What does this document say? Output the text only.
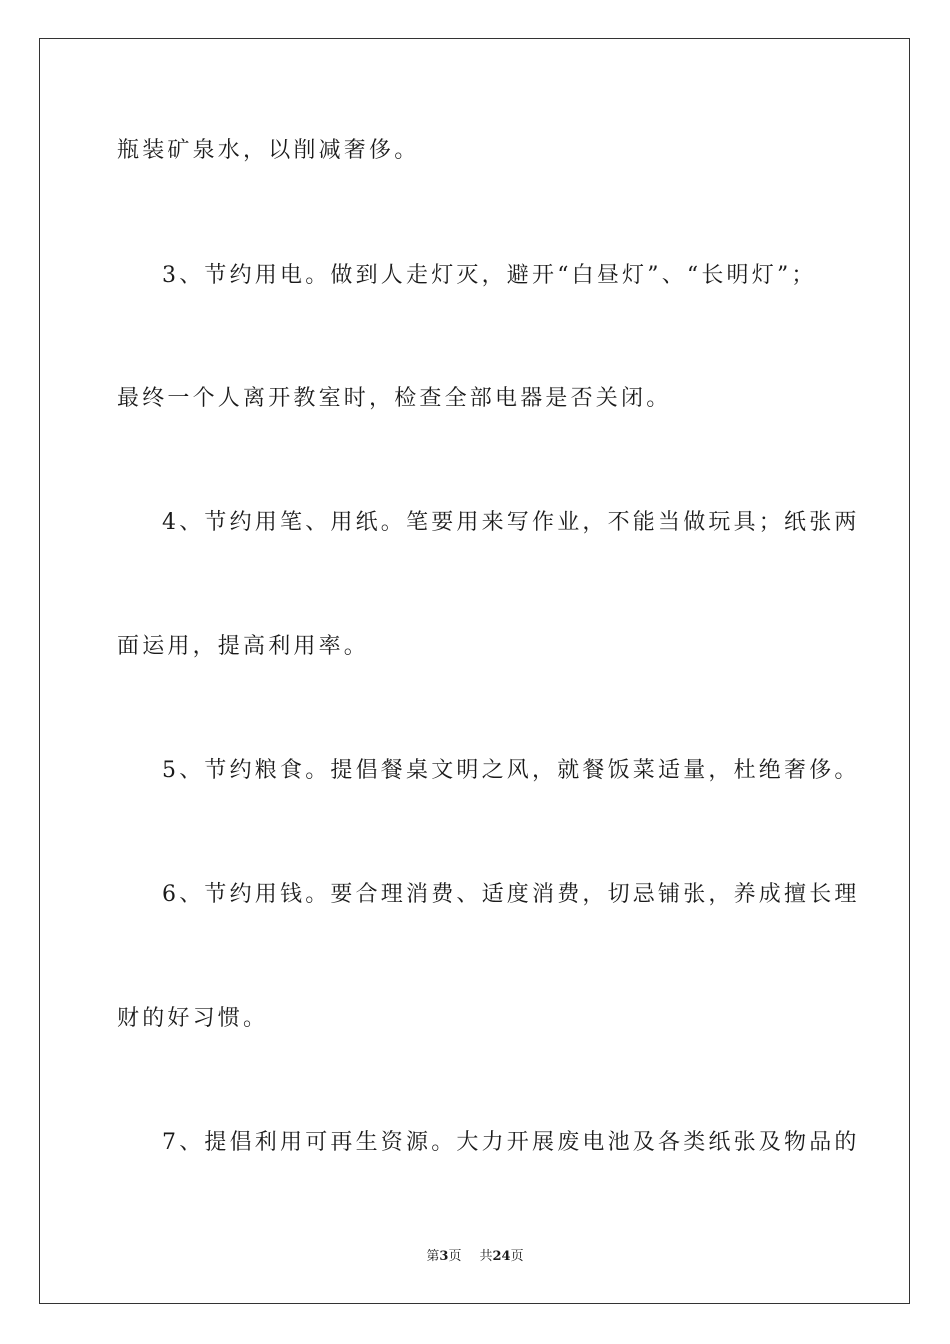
瓶装矿泉水，以削减奢侈。
3、节约用电。做到人走灯灭，避开“白昼灯”、“长明灯”；
最终一个人离开教室时，检查全部电器是否关闭。
4、节约用笔、用纸。笔要用来写作业，不能当做玩具；纸张两
面运用，提高利用率。
5、节约粮食。提倡餐桌文明之风，就餐饭菜适量，杜绝奢侈。
6、节约用钱。要合理消费、适度消费，切忌铺张，养成擅长理
财的好习惯。
7、提倡利用可再生资源。大力开展废电池及各类纸张及物品的
第3页 共24页
